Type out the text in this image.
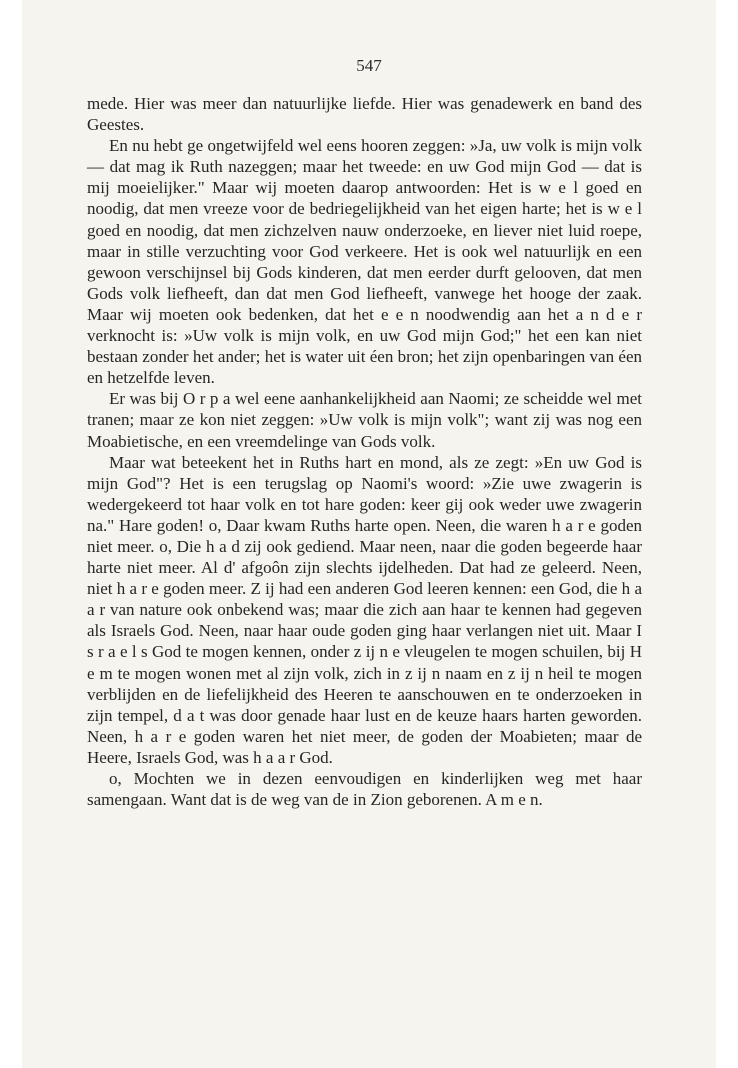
547

mede. Hier was meer dan natuurlijke liefde. Hier was genadewerk en band des Geestes.

En nu hebt ge ongetwijfeld wel eens hooren zeggen: »Ja, uw volk is mijn volk — dat mag ik Ruth nazeggen; maar het tweede: en uw God mijn God — dat is mij moeielijker." Maar wij moeten daarop antwoorden: Het is w e l goed en noodig, dat men vreeze voor de bedriegelijkheid van het eigen harte; het is w e l goed en noodig, dat men zichzelven nauw onderzoeke, en liever niet luid roepe, maar in stille verzuchting voor God verkeere. Het is ook wel natuurlijk en een gewoon verschijnsel bij Gods kinderen, dat men eerder durft gelooven, dat men Gods volk liefheeft, dan dat men God liefheeft, vanwege het hooge der zaak. Maar wij moeten ook bedenken, dat het e e n noodwendig aan het a n d e r verknocht is: »Uw volk is mijn volk, en uw God mijn God;" het een kan niet bestaan zonder het ander; het is water uit éen bron; het zijn openbaringen van éen en hetzelfde leven.

Er was bij O r p a wel eene aanhankelijkheid aan Naomi; ze scheidde wel met tranen; maar ze kon niet zeggen: »Uw volk is mijn volk"; want zij was nog een Moabietische, en een vreemdelinge van Gods volk.

Maar wat beteekent het in Ruths hart en mond, als ze zegt: »En uw God is mijn God"? Het is een terugslag op Naomi's woord: »Zie uwe zwagerin is wedergekeerd tot haar volk en tot hare goden: keer gij ook weder uwe zwagerin na." Hare goden! o, Daar kwam Ruths harte open. Neen, die waren h a r e goden niet meer. o, Die h a d zij ook gediend. Maar neen, naar die goden begeerde haar harte niet meer. Al d' afgoôn zijn slechts ijdelheden. Dat had ze geleerd. Neen, niet h a r e goden meer. Z ij had een anderen God leeren kennen: een God, die h a a r van nature ook onbekend was; maar die zich aan haar te kennen had gegeven als Israels God. Neen, naar haar oude goden ging haar verlangen niet uit. Maar I s r a e l s God te mogen kennen, onder z ij n e vleugelen te mogen schuilen, bij H e m te mogen wonen met al zijn volk, zich in z ij n naam en z ij n heil te mogen verblijden en de liefelijkheid des Heeren te aanschouwen en te onderzoeken in zijn tempel, d a t was door genade haar lust en de keuze haars harten geworden. Neen, h a r e goden waren het niet meer, de goden der Moabieten; maar de Heere, Israels God, was h a a r God.

o, Mochten we in dezen eenvoudigen en kinderlijken weg met haar samengaan. Want dat is de weg van de in Zion geborenen. A m e n.
